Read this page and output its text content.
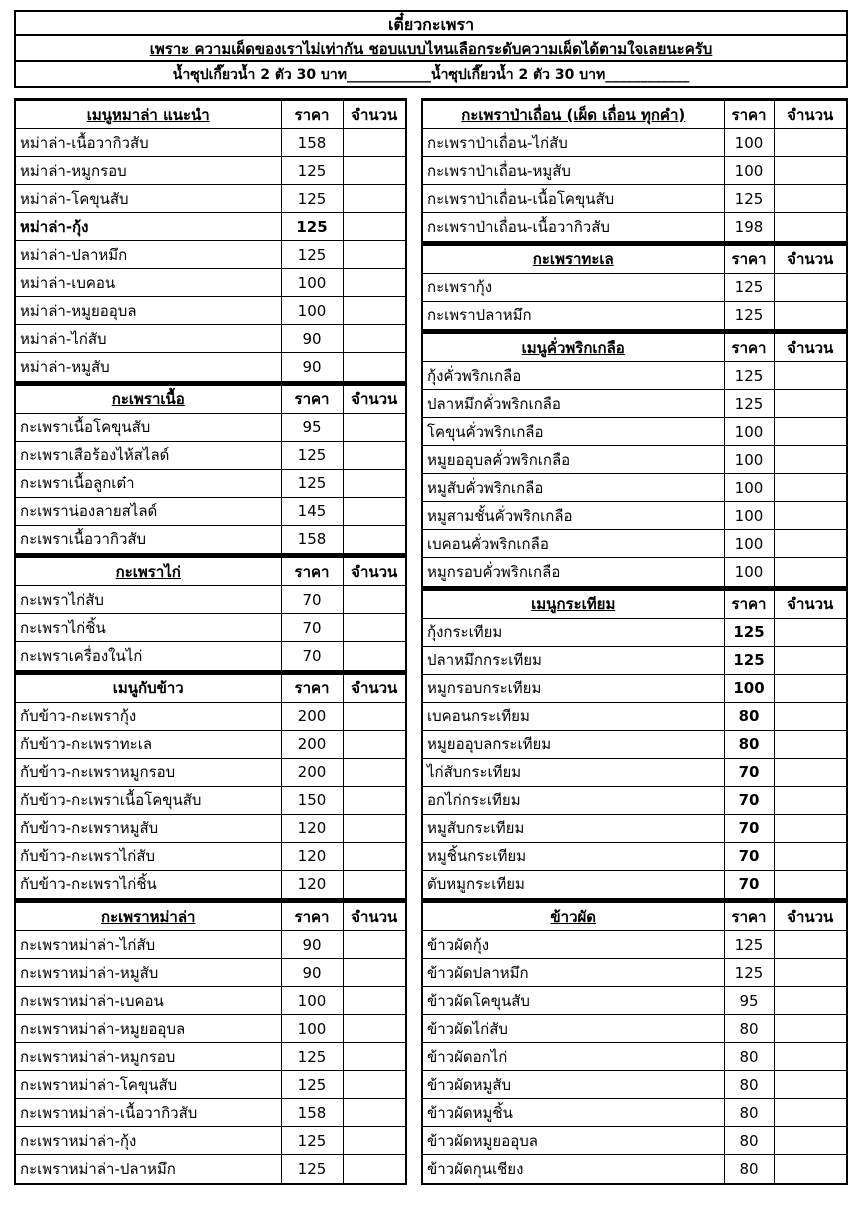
เตี๋ยวกะเพรา
เพราะ ความเผ็ดของเราไม่เท่ากัน ชอบแบบไหนเลือกระดับความเผ็ดได้ตามใจเลยนะครับ
น้ำซุปเกี๊ยวน้ำ 2 ตัว 30 บาท____________น้ำซุปเกี๊ยวน้ำ 2 ตัว 30 บาท____________
เมนูหมาล่า แนะนำ	ราคา	จำนวน
หม่าล่า-เนื้อวากิวสับ	158	
หม่าล่า-หมูกรอบ	125	
หม่าล่า-โคขุนสับ	125	
หม่าล่า-กุ้ง	125	
หม่าล่า-ปลาหมึก	125	
หม่าล่า-เบคอน	100	
หม่าล่า-หมูยออุบล	100	
หม่าล่า-ไก่สับ	90	
หม่าล่า-หมูสับ	90	
กะเพราเนื้อ	ราคา	จำนวน
กะเพราเนื้อโคขุนสับ	95	
กะเพราเสือร้องไห้สไลด์	125	
กะเพราเนื้อลูกเต๋า	125	
กะเพราน่องลายสไลด์	145	
กะเพราเนื้อวากิวสับ	158	
กะเพราไก่	ราคา	จำนวน
กะเพราไก่สับ	70	
กะเพราไก่ชิ้น	70	
กะเพราเครื่องในไก่	70	
เมนูกับข้าว	ราคา	จำนวน
กับข้าว-กะเพรากุ้ง	200	
กับข้าว-กะเพราทะเล	200	
กับข้าว-กะเพราหมูกรอบ	200	
กับข้าว-กะเพราเนื้อโคขุนสับ	150	
กับข้าว-กะเพราหมูสับ	120	
กับข้าว-กะเพราไก่สับ	120	
กับข้าว-กะเพราไก่ชิ้น	120	
กะเพราหม่าล่า	ราคา	จำนวน
กะเพราหม่าล่า-ไก่สับ	90	
กะเพราหม่าล่า-หมูสับ	90	
กะเพราหม่าล่า-เบคอน	100	
กะเพราหม่าล่า-หมูยออุบล	100	
กะเพราหม่าล่า-หมูกรอบ	125	
กะเพราหม่าล่า-โคขุนสับ	125	
กะเพราหม่าล่า-เนื้อวากิวสับ	158	
กะเพราหม่าล่า-กุ้ง	125	
กะเพราหม่าล่า-ปลาหมึก	125	
กะเพราป่าเถื่อน (เผ็ด เถื่อน ทุกคำ)	ราคา	จำนวน
กะเพราป่าเถื่อน-ไก่สับ	100	
กะเพราป่าเถื่อน-หมูสับ	100	
กะเพราป่าเถื่อน-เนื้อโคขุนสับ	125	
กะเพราป่าเถื่อน-เนื้อวากิวสับ	198	
กะเพราทะเล	ราคา	จำนวน
กะเพรากุ้ง	125	
กะเพราปลาหมึก	125	
เมนูคั่วพริกเกลือ	ราคา	จำนวน
กุ้งคั่วพริกเกลือ	125	
ปลาหมึกคั่วพริกเกลือ	125	
โคขุนคั่วพริกเกลือ	100	
หมูยออุบลคั่วพริกเกลือ	100	
หมูสับคั่วพริกเกลือ	100	
หมูสามชั้นคั่วพริกเกลือ	100	
เบคอนคั่วพริกเกลือ	100	
หมูกรอบคั่วพริกเกลือ	100	
เมนูกระเทียม	ราคา	จำนวน
กุ้งกระเทียม	125	
ปลาหมึกกระเทียม	125	
หมูกรอบกระเทียม	100	
เบคอนกระเทียม	80	
หมูยออุบลกระเทียม	80	
ไก่สับกระเทียม	70	
อกไก่กระเทียม	70	
หมูสับกระเทียม	70	
หมูชิ้นกระเทียม	70	
ตับหมูกระเทียม	70	
ข้าวผัด	ราคา	จำนวน
ข้าวผัดกุ้ง	125	
ข้าวผัดปลาหมึก	125	
ข้าวผัดโคขุนสับ	95	
ข้าวผัดไก่สับ	80	
ข้าวผัดอกไก่	80	
ข้าวผัดหมูสับ	80	
ข้าวผัดหมูชิ้น	80	
ข้าวผัดหมูยออุบล	80	
ข้าวผัดกุนเชียง	80	
